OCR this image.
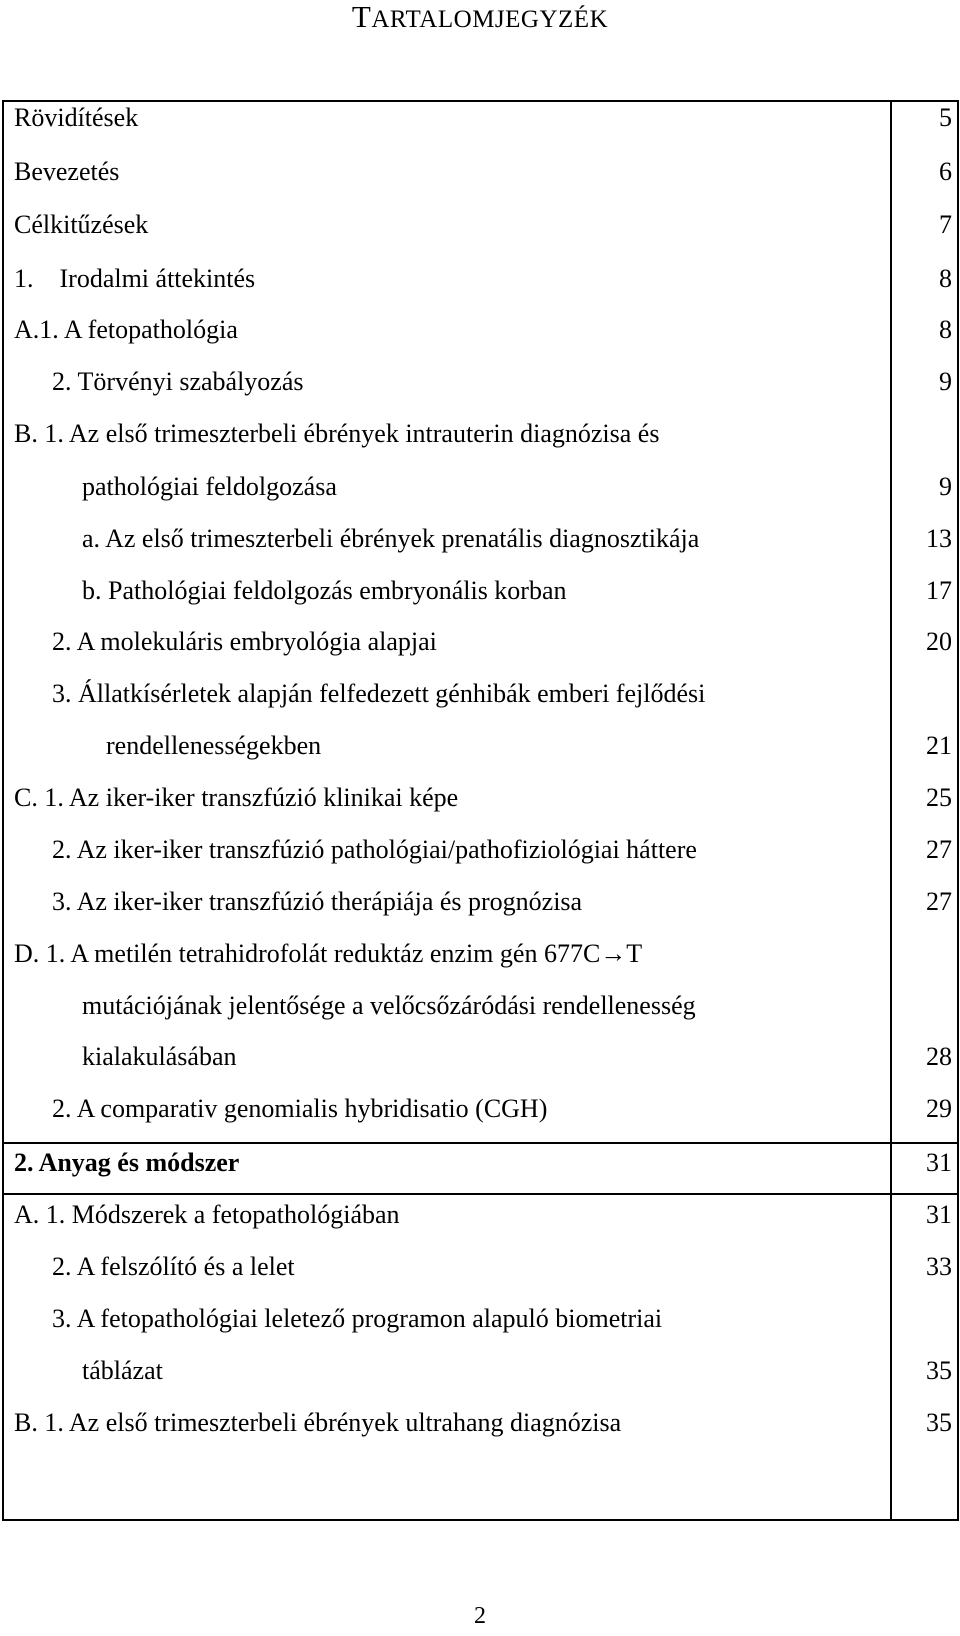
TARTALOMJEGYZÉK
Rövidítések	5
Bevezetés	6
Célkitűzések	7
1.    Irodalmi áttekintés	8
A.1. A fetopathológia	8
2. Törvényi szabályozás	9
B. 1. Az első trimeszterbeli ébrények intrauterin diagnózisa és
pathológiai feldolgozása	9
a. Az első trimeszterbeli ébrények prenatális diagnosztikája	13
b. Pathológiai feldolgozás embryonális korban	17
2. A molekuláris embryológia alapjai	20
3. Állatkísérletek alapján felfedezett génhibák emberi fejlődési
rendellenességekben	21
C. 1. Az iker-iker transzfúzió klinikai képe	25
2. Az iker-iker transzfúzió pathológiai/pathofiziológiai háttere	27
3. Az iker-iker transzfúzió therápiája és prognózisa	27
D. 1. A metilén tetrahidrofolát reduktáz enzim gén 677C→T
mutációjának jelentősége a velőcsőzáródási rendellenesség
kialakulásában	28
2. A comparativ genomialis hybridisatio (CGH)	29
2. Anyag és módszer	31
A. 1. Módszerek a fetopathológiában	31
2. A felszólító és a lelet	33
3. A fetopathológiai leletező programon alapuló biometriai
táblázat	35
B. 1. Az első trimeszterbeli ébrények ultrahang diagnózisa	35
2
